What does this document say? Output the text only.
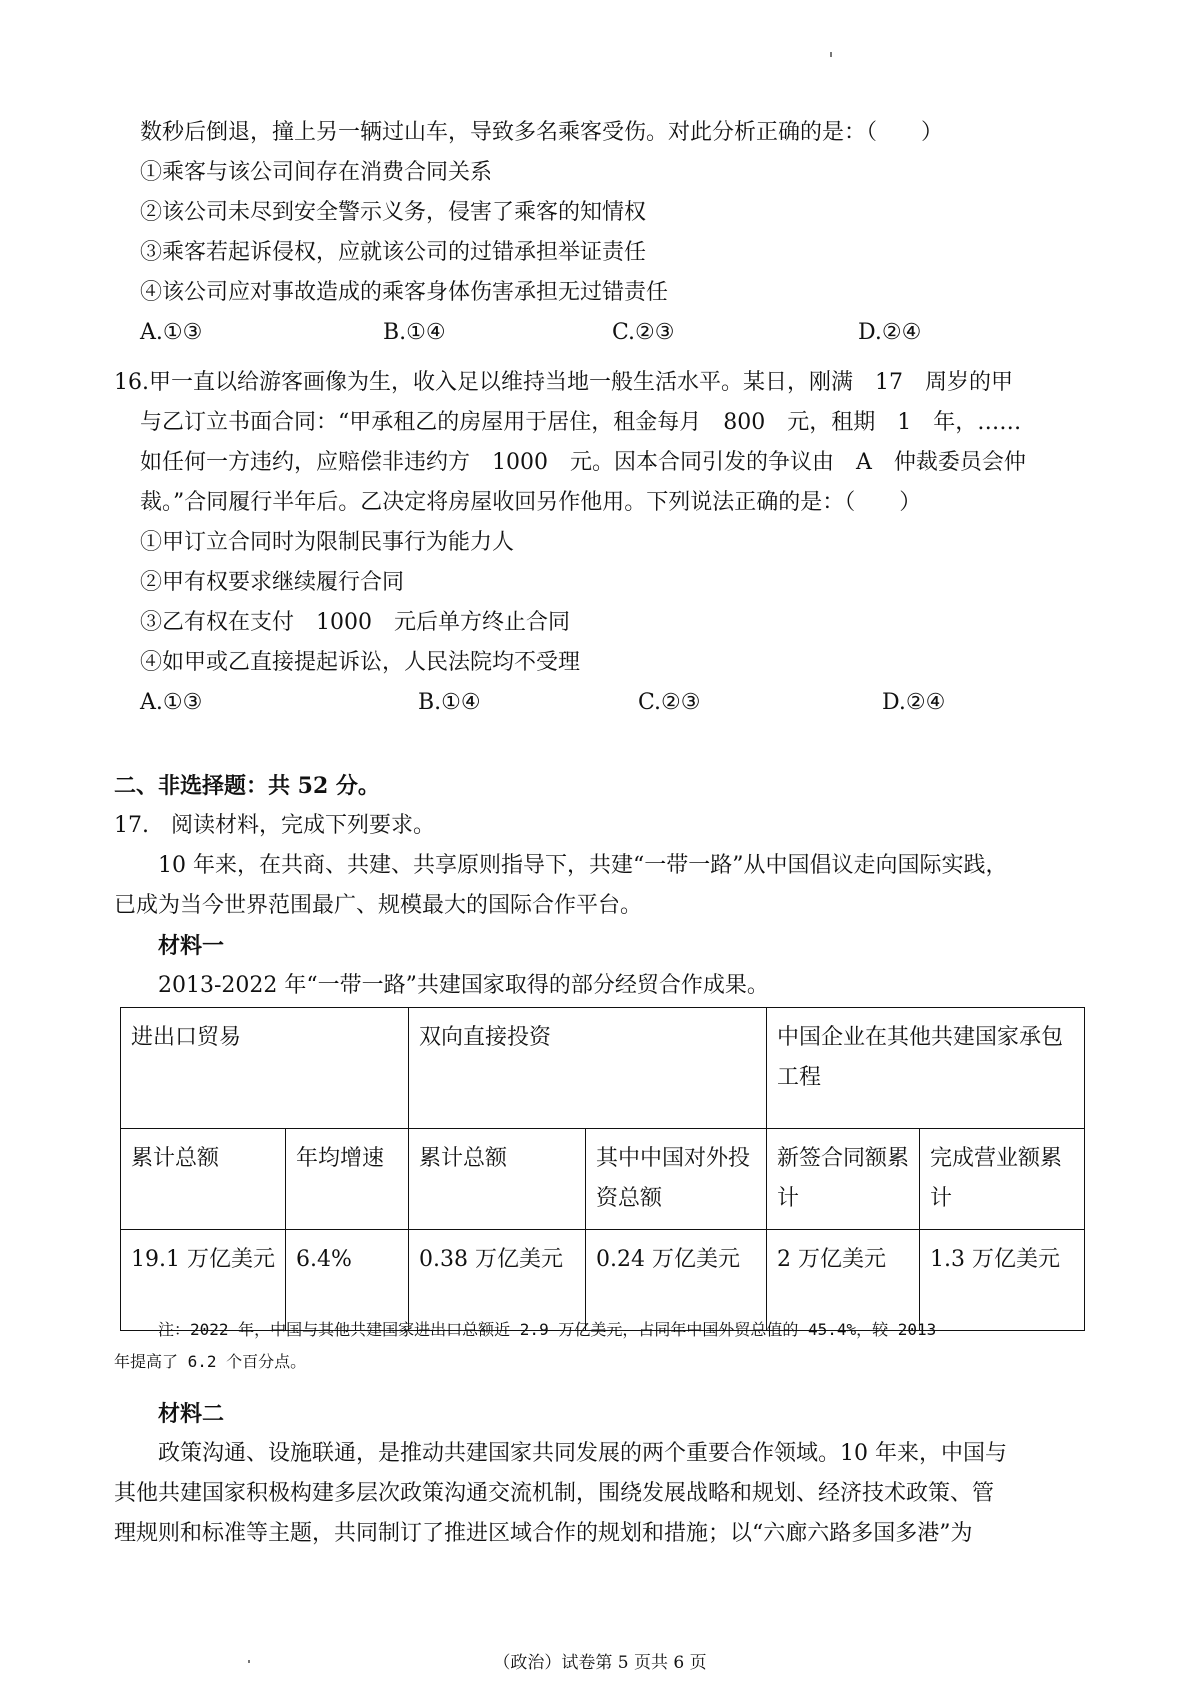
数秒后倒退，撞上另一辆过山车，导致多名乘客受伤。对此分析正确的是：（　　）
①乘客与该公司间存在消费合同关系
②该公司未尽到安全警示义务，侵害了乘客的知情权
③乘客若起诉侵权，应就该公司的过错承担举证责任
④该公司应对事故造成的乘客身体伤害承担无过错责任
A.①③	B.①④	C.②③	D.②④
16.甲一直以给游客画像为生，收入足以维持当地一般生活水平。某日，刚满　17　周岁的甲
与乙订立书面合同：“甲承租乙的房屋用于居住，租金每月　800　元，租期　1　年，……
如任何一方违约，应赔偿非违约方　1000　元。因本合同引发的争议由　A　仲裁委员会仲
裁。”合同履行半年后。乙决定将房屋收回另作他用。下列说法正确的是：（　　）
①甲订立合同时为限制民事行为能力人
②甲有权要求继续履行合同
③乙有权在支付　1000　元后单方终止合同
④如甲或乙直接提起诉讼，人民法院均不受理
A.①③	B.①④	C.②③	D.②④
二、非选择题：共 52 分。
17.　阅读材料，完成下列要求。
10 年来，在共商、共建、共享原则指导下，共建“一带一路”从中国倡议走向国际实践，
已成为当今世界范围最广、规模最大的国际合作平台。
材料一
2013-2022 年“一带一路”共建国家取得的部分经贸合作成果。
进出口贸易		双向直接投资		中国企业在其他共建国家承包工程	
累计总额	年均增速	累计总额	其中中国对外投资总额	新签合同额累计	完成营业额累计
19.1 万亿美元	6.4%	0.38 万亿美元	0.24 万亿美元	2 万亿美元	1.3 万亿美元
注：2022 年，中国与其他共建国家进出口总额近 2.9 万亿美元，占同年中国外贸总值的 45.4%，较 2013
年提高了 6.2 个百分点。
材料二
政策沟通、设施联通，是推动共建国家共同发展的两个重要合作领域。10 年来，中国与
其他共建国家积极构建多层次政策沟通交流机制，围绕发展战略和规划、经济技术政策、管
理规则和标准等主题，共同制订了推进区域合作的规划和措施；以“六廊六路多国多港”为
（政治）试卷第 5 页共 6 页
